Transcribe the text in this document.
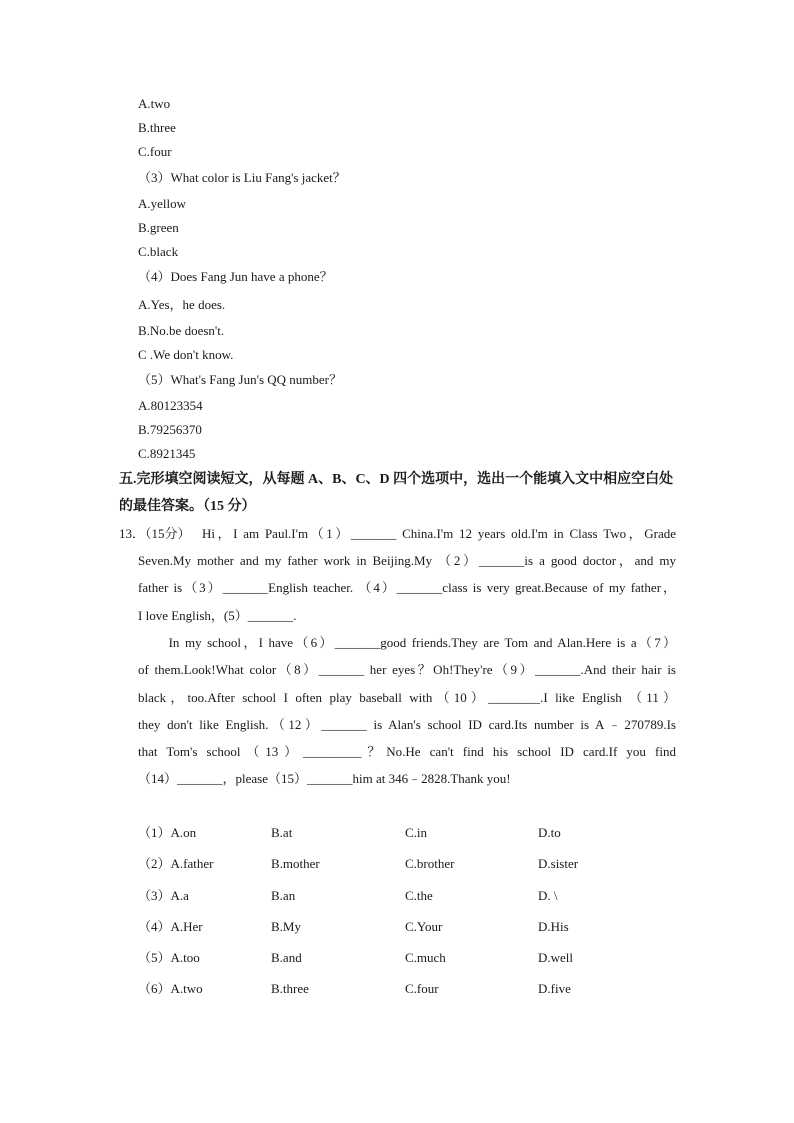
A.two
B.three
C.four
（3）What color is Liu Fang's jacket？
A.yellow
B.green
C.black
（4）Does Fang Jun have a phone？
A.Yes，he does.
B.No.be doesn't.
C .We don't know.
（5）What's Fang Jun's QQ number？
A.80123354
B.79256370
C.8921345
五.完形填空阅读短文，从每题 A、B、C、D 四个选项中，选出一个能填入文中相应空白处
的最佳答案。（15 分）
13．（15分） Hi，I am Paul.I'm（1）_______ China.I'm 12 years old.I'm in Class Two，Grade
Seven.My mother and my father work in Beijing.My （2）_______is a good doctor，and my
father is（3）_______English teacher. （4）_______class is very great.Because of my father，
I love English，(5）_______.
　　In my school，I have（6）_______good friends.They are Tom and Alan.Here is a（7）
of them.Look!What color（8）_______ her eyes？Oh!They're（9）_______.And their hair is
black，too.After school I often play baseball with（10）________.I like English （11）
they don't like English.（12）_______ is Alan's school ID card.Its number is A﹣270789.Is
that Tom's school（13）_________？No.He can't find his school ID card.If you find
（14）_______，please（15）_______him at 346﹣2828.Thank you!
（1）A.on	B.at	C.in	D.to
（2）A.father	B.mother	C.brother	D.sister
（3）A.a	B.an	C.the	D. \
（4）A.Her	B.My	C.Your	D.His
（5）A.too	B.and	C.much	D.well
（6）A.two	B.three	C.four	D.five
